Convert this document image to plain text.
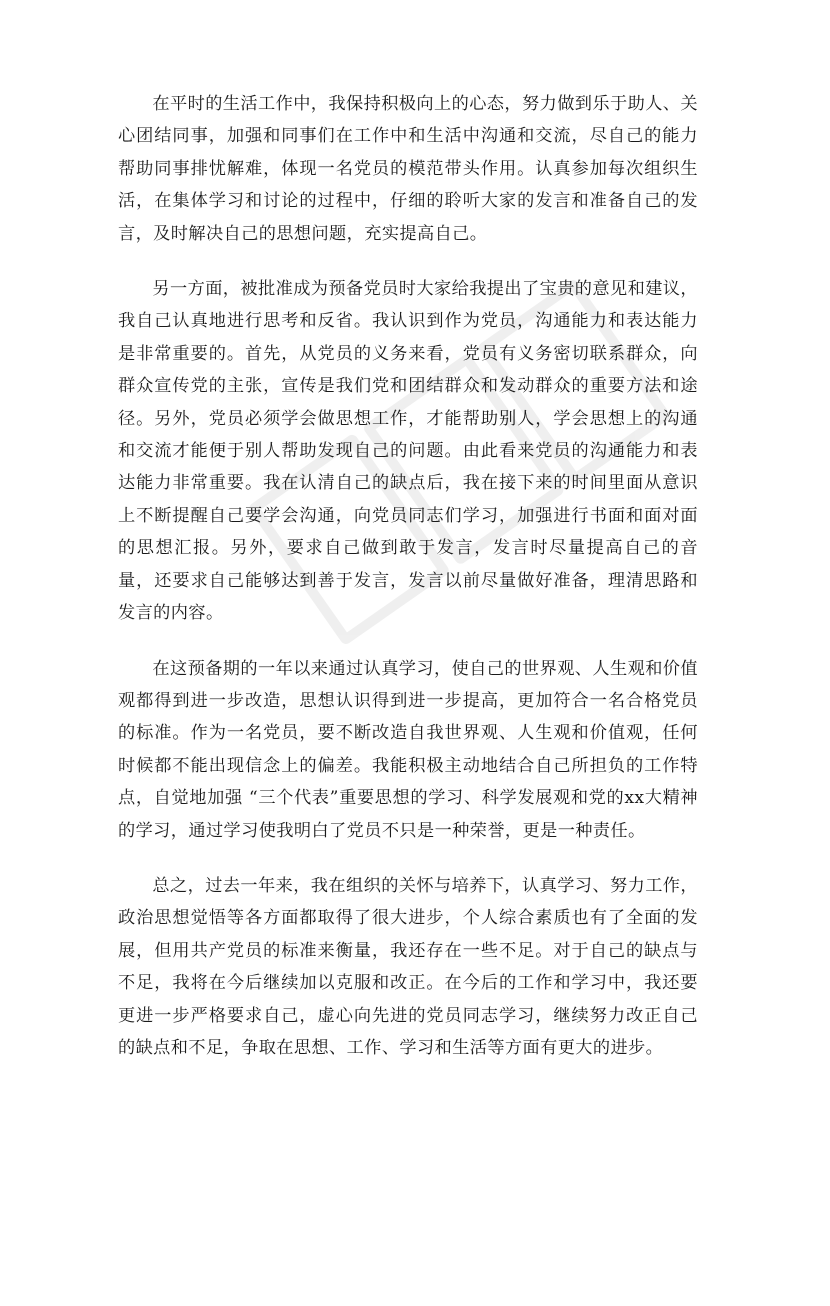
在平时的生活工作中，我保持积极向上的心态，努力做到乐于助人、关心团结同事，加强和同事们在工作中和生活中沟通和交流，尽自己的能力帮助同事排忧解难，体现一名党员的模范带头作用。认真参加每次组织生活，在集体学习和讨论的过程中，仔细的聆听大家的发言和准备自己的发言，及时解决自己的思想问题，充实提高自己。

另一方面，被批准成为预备党员时大家给我提出了宝贵的意见和建议，我自己认真地进行思考和反省。我认识到作为党员，沟通能力和表达能力是非常重要的。首先，从党员的义务来看，党员有义务密切联系群众，向群众宣传党的主张，宣传是我们党和团结群众和发动群众的重要方法和途径。另外，党员必须学会做思想工作，才能帮助别人，学会思想上的沟通和交流才能便于别人帮助发现自己的问题。由此看来党员的沟通能力和表达能力非常重要。我在认清自己的缺点后，我在接下来的时间里面从意识上不断提醒自己要学会沟通，向党员同志们学习，加强进行书面和面对面的思想汇报。另外，要求自己做到敢于发言，发言时尽量提高自己的音量，还要求自己能够达到善于发言，发言以前尽量做好准备，理清思路和发言的内容。

在这预备期的一年以来通过认真学习，使自己的世界观、人生观和价值观都得到进一步改造，思想认识得到进一步提高，更加符合一名合格党员的标准。作为一名党员，要不断改造自我世界观、人生观和价值观，任何时候都不能出现信念上的偏差。我能积极主动地结合自己所担负的工作特点，自觉地加强 “三个代表”重要思想的学习、科学发展观和党的xx大精神的学习，通过学习使我明白了党员不只是一种荣誉，更是一种责任。

总之，过去一年来，我在组织的关怀与培养下，认真学习、努力工作，政治思想觉悟等各方面都取得了很大进步，个人综合素质也有了全面的发展，但用共产党员的标准来衡量，我还存在一些不足。对于自己的缺点与不足，我将在今后继续加以克服和改正。在今后的工作和学习中，我还要更进一步严格要求自己，虚心向先进的党员同志学习，继续努力改正自己的缺点和不足，争取在思想、工作、学习和生活等方面有更大的进步。
